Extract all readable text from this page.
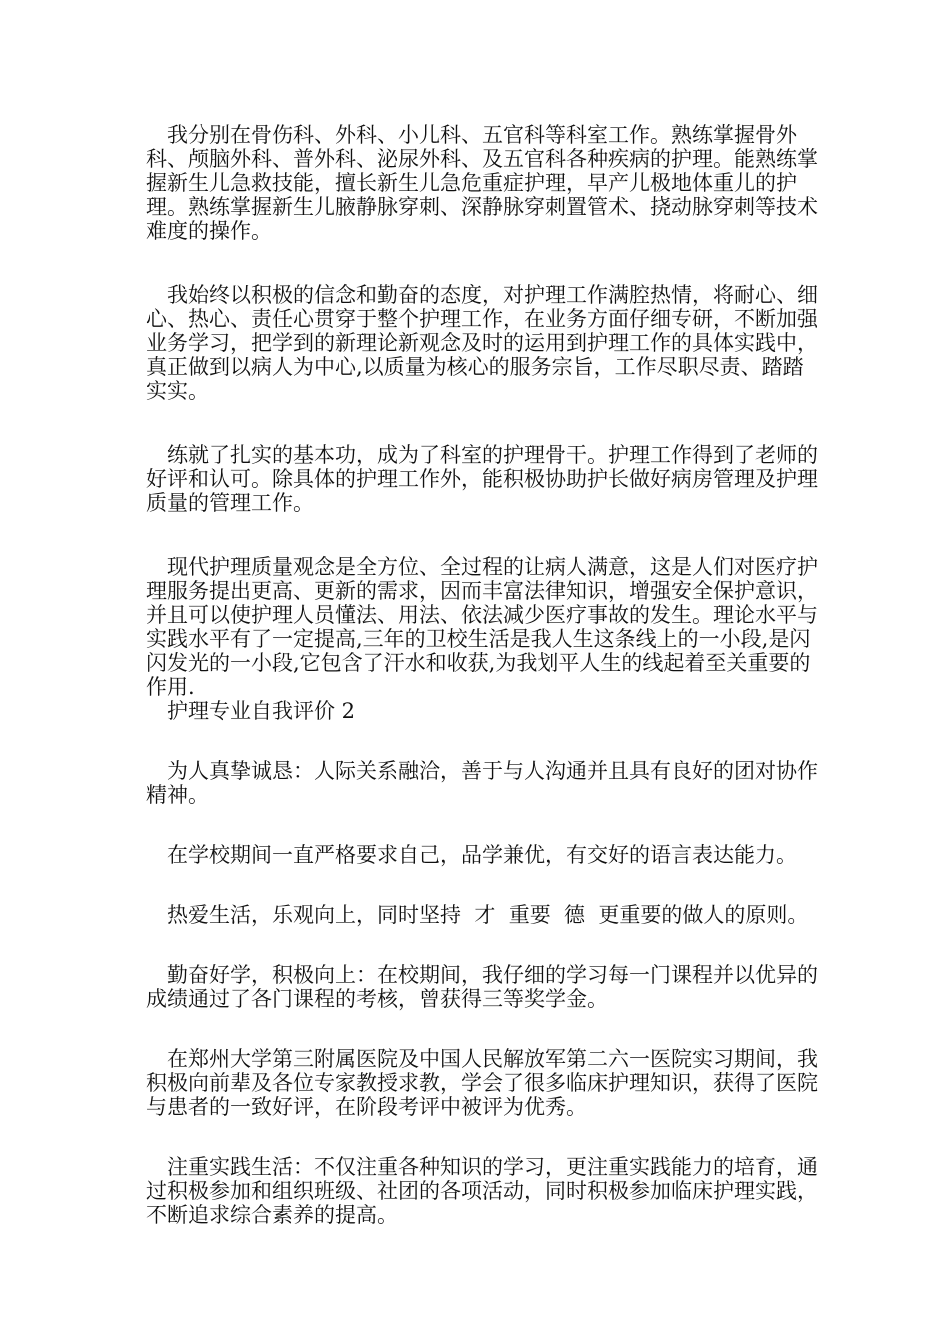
我分别在骨伤科、外科、小儿科、五官科等科室工作。熟练掌握骨外科、颅脑外科、普外科、泌尿外科、及五官科各种疾病的护理。能熟练掌握新生儿急救技能，擅长新生儿急危重症护理，早产儿极地体重儿的护理。熟练掌握新生儿腋静脉穿刺、深静脉穿刺置管术、挠动脉穿刺等技术难度的操作。

我始终以积极的信念和勤奋的态度，对护理工作满腔热情，将耐心、细心、热心、责任心贯穿于整个护理工作，在业务方面仔细专研，不断加强业务学习，把学到的新理论新观念及时的运用到护理工作的具体实践中，真正做到以病人为中心,以质量为核心的服务宗旨，工作尽职尽责、踏踏实实。

练就了扎实的基本功，成为了科室的护理骨干。护理工作得到了老师的好评和认可。除具体的护理工作外，能积极协助护长做好病房管理及护理质量的管理工作。

现代护理质量观念是全方位、全过程的让病人满意，这是人们对医疗护理服务提出更高、更新的需求，因而丰富法律知识，增强安全保护意识，并且可以使护理人员懂法、用法、依法减少医疗事故的发生。理论水平与实践水平有了一定提高,三年的卫校生活是我人生这条线上的一小段,是闪闪发光的一小段,它包含了汗水和收获,为我划平人生的线起着至关重要的作用.

护理专业自我评价 2

为人真挚诚恳：人际关系融洽，善于与人沟通并且具有良好的团对协作精神。

在学校期间一直严格要求自己，品学兼优，有交好的语言表达能力。

热爱生活，乐观向上，同时坚持  才  重要  德  更重要的做人的原则。

勤奋好学，积极向上：在校期间，我仔细的学习每一门课程并以优异的成绩通过了各门课程的考核，曾获得三等奖学金。

在郑州大学第三附属医院及中国人民解放军第二六一医院实习期间，我积极向前辈及各位专家教授求教，学会了很多临床护理知识，获得了医院与患者的一致好评，在阶段考评中被评为优秀。

注重实践生活：不仅注重各种知识的学习，更注重实践能力的培育，通过积极参加和组织班级、社团的各项活动，同时积极参加临床护理实践，不断追求综合素养的提高。
